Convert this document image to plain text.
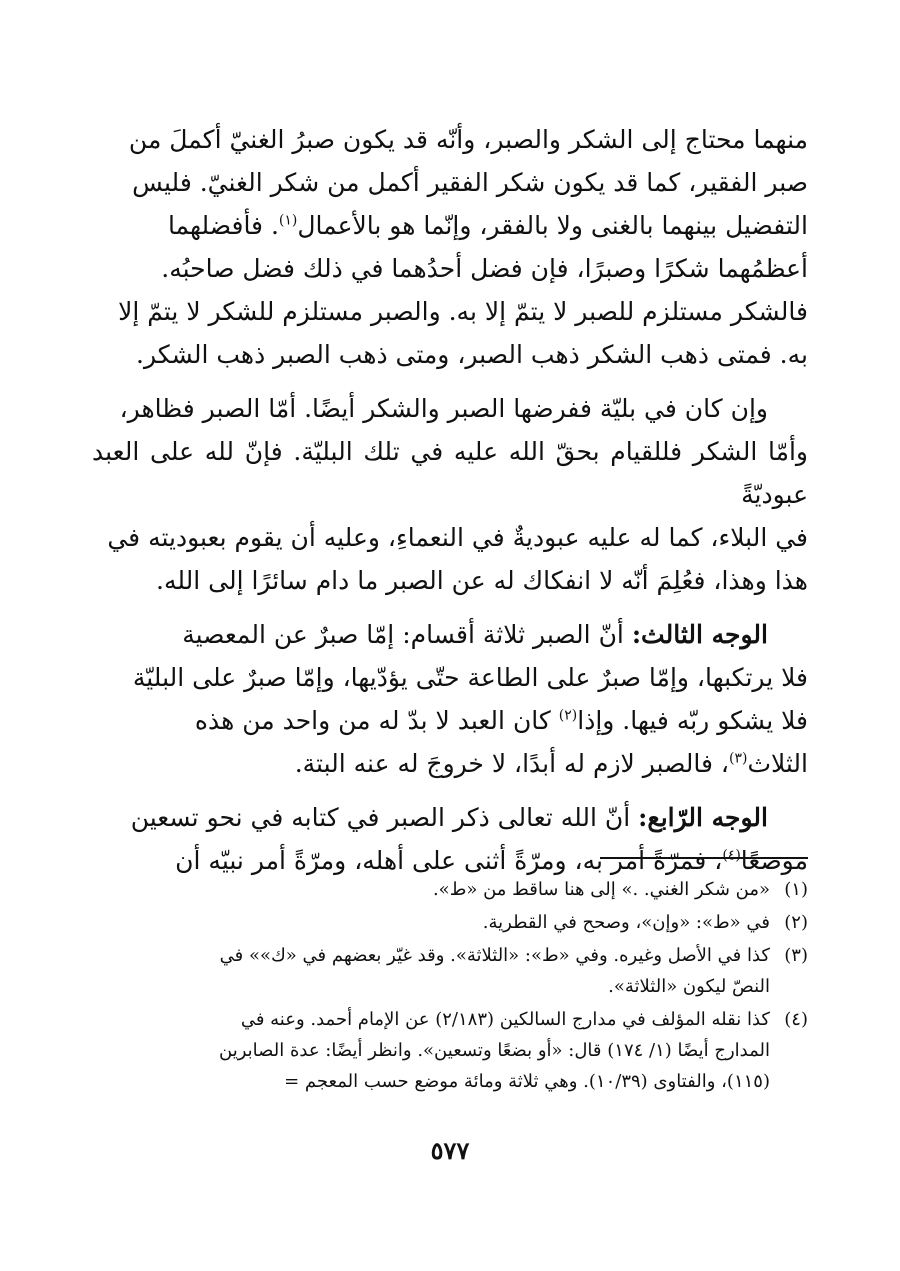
منهما محتاج إلى الشكر والصبر، وأنّه قد يكون صبرُ الغنيّ أكملَ من
صبر الفقير، كما قد يكون شكر الفقير أكمل من شكر الغنيّ. فليس
التفضيل بينهما بالغنى ولا بالفقر، وإنّما هو بالأعمال$^{(١)}$. فأفضلهما
أعظمُهما شكرًا وصبرًا، فإن فضل أحدُهما في ذلك فضل صاحبُه.
فالشكر مستلزم للصبر لا يتمّ إلا به. والصبر مستلزم للشكر لا يتمّ إلا
به. فمتى ذهب الشكر ذهب الصبر، ومتى ذهب الصبر ذهب الشكر.

وإن كان في بليّة ففرضها الصبر والشكر أيضًا. أمّا الصبر فظاهر،
وأمّا الشكر فللقيام بحقّ الله عليه في تلك البليّة. فإنّ لله على العبد عبوديّةً
في البلاء، كما له عليه عبوديةٌ في النعماءِ، وعليه أن يقوم بعبوديته في
هذا وهذا، فعُلِمَ أنّه لا انفكاك له عن الصبر ما دام سائرًا إلى الله.

الوجه الثالث: أنّ الصبر ثلاثة أقسام: إمّا صبرٌ عن المعصية
فلا يرتكبها، وإمّا صبرٌ على الطاعة حتّى يؤدّيها، وإمّا صبرٌ على البليّة
فلا يشكو ربّه فيها. وإذا$^{(٢)}$ كان العبد لا بدّ له من واحد من هذه
الثلاث$^{(٣)}$، فالصبر لازم له أبدًا، لا خروجَ له عنه البتة.

الوجه الرّابع: أنّ الله تعالى ذكر الصبر في كتابه في نحو تسعين
موضعًا$^{(٤)}$، فمرّةً أمر به، ومرّةً أثنى على أهله، ومرّةً أمر نبيّه أن

(١)
«من شكر الغني. .» إلى هنا ساقط من «ط».
(٢)
في «ط»: «وإن»، وصحح في القطرية.
(٣)
كذا في الأصل وغيره. وفي «ط»: «الثلاثة». وقد غيّر بعضهم في «ك»» في
النصّ ليكون «الثلاثة».
(٤)
كذا نقله المؤلف في مدارج السالكين (٢/١٨٣) عن الإمام أحمد. وعنه في
المدارج أيضًا (١/ ١٧٤) قال: «أو بضعًا وتسعين». وانظر أيضًا: عدة الصابرين
(١١٥)، والفتاوى (١٠/٣٩). وهي ثلاثة ومائة موضع حسب المعجم =
٥٧٧
